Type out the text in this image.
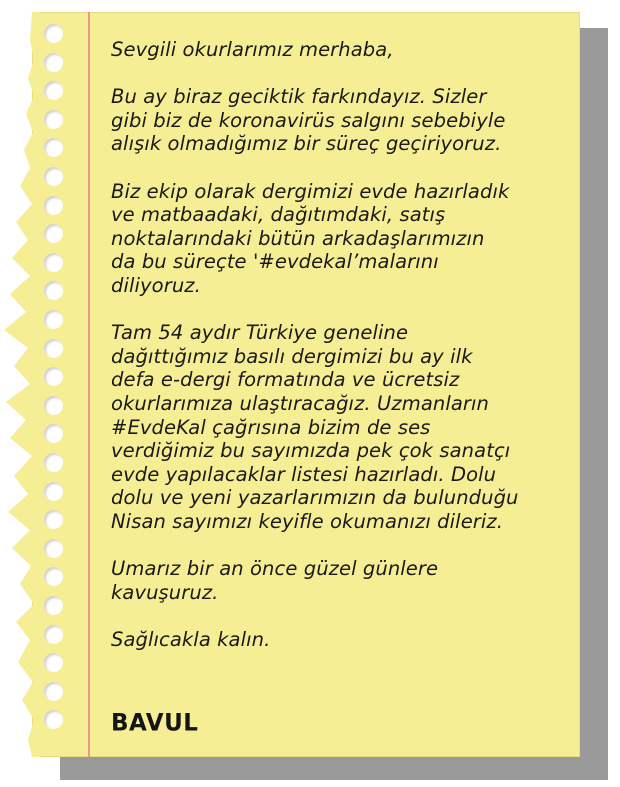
Sevgili okurlarımız merhaba,
Bu ay biraz geciktik farkındayız. Sizler
gibi biz de koronavirüs salgını sebebiyle
alışık olmadığımız bir süreç geçiriyoruz.
Biz ekip olarak dergimizi evde hazırladık
ve matbaadaki, dağıtımdaki, satış
noktalarındaki bütün arkadaşlarımızın
da bu süreçte '#evdekal’malarını
diliyoruz.
Tam 54 aydır Türkiye geneline
dağıttığımız basılı dergimizi bu ay ilk
defa e-dergi formatında ve ücretsiz
okurlarımıza ulaştıracağız. Uzmanların
#EvdeKal çağrısına bizim de ses
verdiğimiz bu sayımızda pek çok sanatçı
evde yapılacaklar listesi hazırladı. Dolu
dolu ve yeni yazarlarımızın da bulunduğu
Nisan sayımızı keyifle okumanızı dileriz.
Umarız bir an önce güzel günlere
kavuşuruz.
Sağlıcakla kalın.
BAVUL
